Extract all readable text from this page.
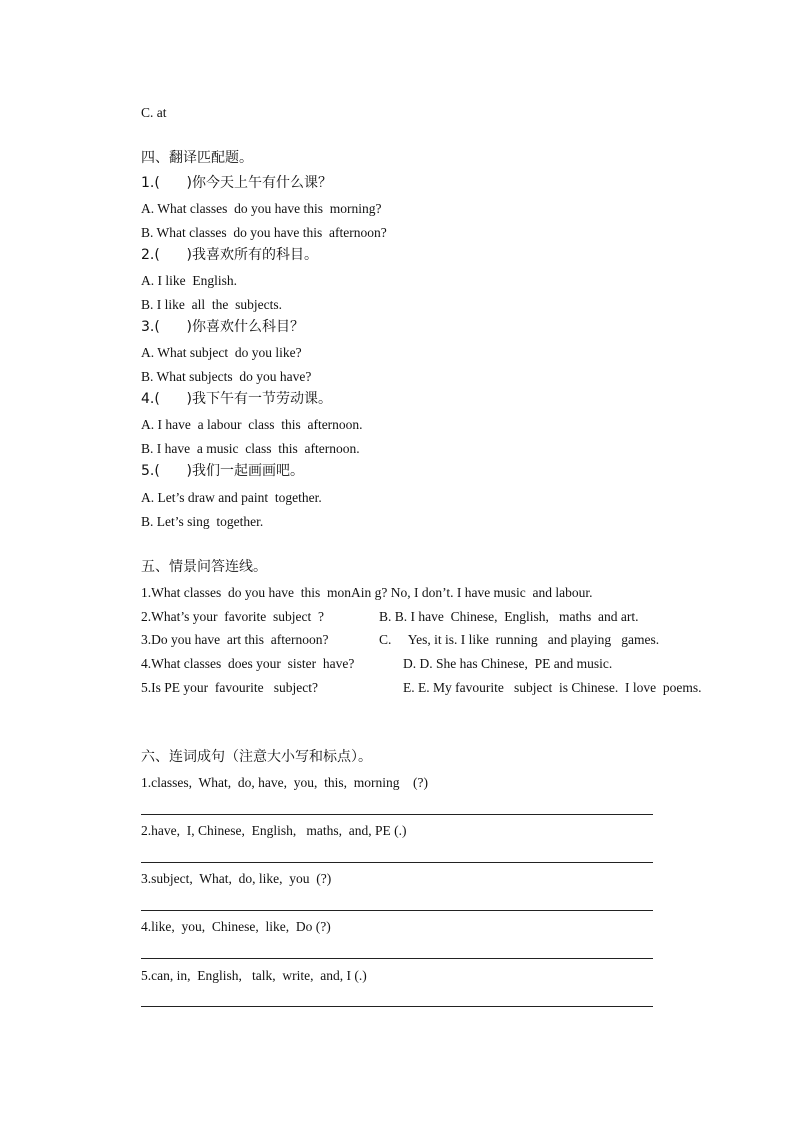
C. at
四、翻译匹配题。
1.(      )你今天上午有什么课？
A. What classes  do you have this  morning?
B. What classes  do you have this  afternoon?
2.(      )我喜欢所有的科目。
A. I like  English.
B. I like  all  the  subjects.
3.(      )你喜欢什么科目？
A. What subject  do you like?
B. What subjects  do you have?
4.(      )我下午有一节劳动课。
A. I have  a labour  class  this  afternoon.
B. I have  a music  class  this  afternoon.
5.(      )我们一起画画吧。
A. Let’s draw and paint  together.
B. Let’s sing  together.
五、情景问答连线。
1.What classes  do you have  this  monAin g? No, I don’t. I have music  and labour.
2.What’s your  favorite  subject  ?	B. B. I have  Chinese,  English,   maths  and art.
3.Do you have  art this  afternoon?	C.     Yes, it is. I like  running   and playing   games.
4.What classes  does your  sister  have?	D. D. She has Chinese,  PE and music.
5.Is PE your  favourite   subject?	E. E. My favourite   subject  is Chinese.  I love  poems.
六、连词成句（注意大小写和标点）。
1.classes,  What,  do, have,  you,  this,  morning    (?)
2.have,  I, Chinese,  English,   maths,  and, PE (.)
3.subject,  What,  do, like,  you  (?)
4.like,  you,  Chinese,  like,  Do (?)
5.can, in,  English,   talk,  write,  and, I (.)
